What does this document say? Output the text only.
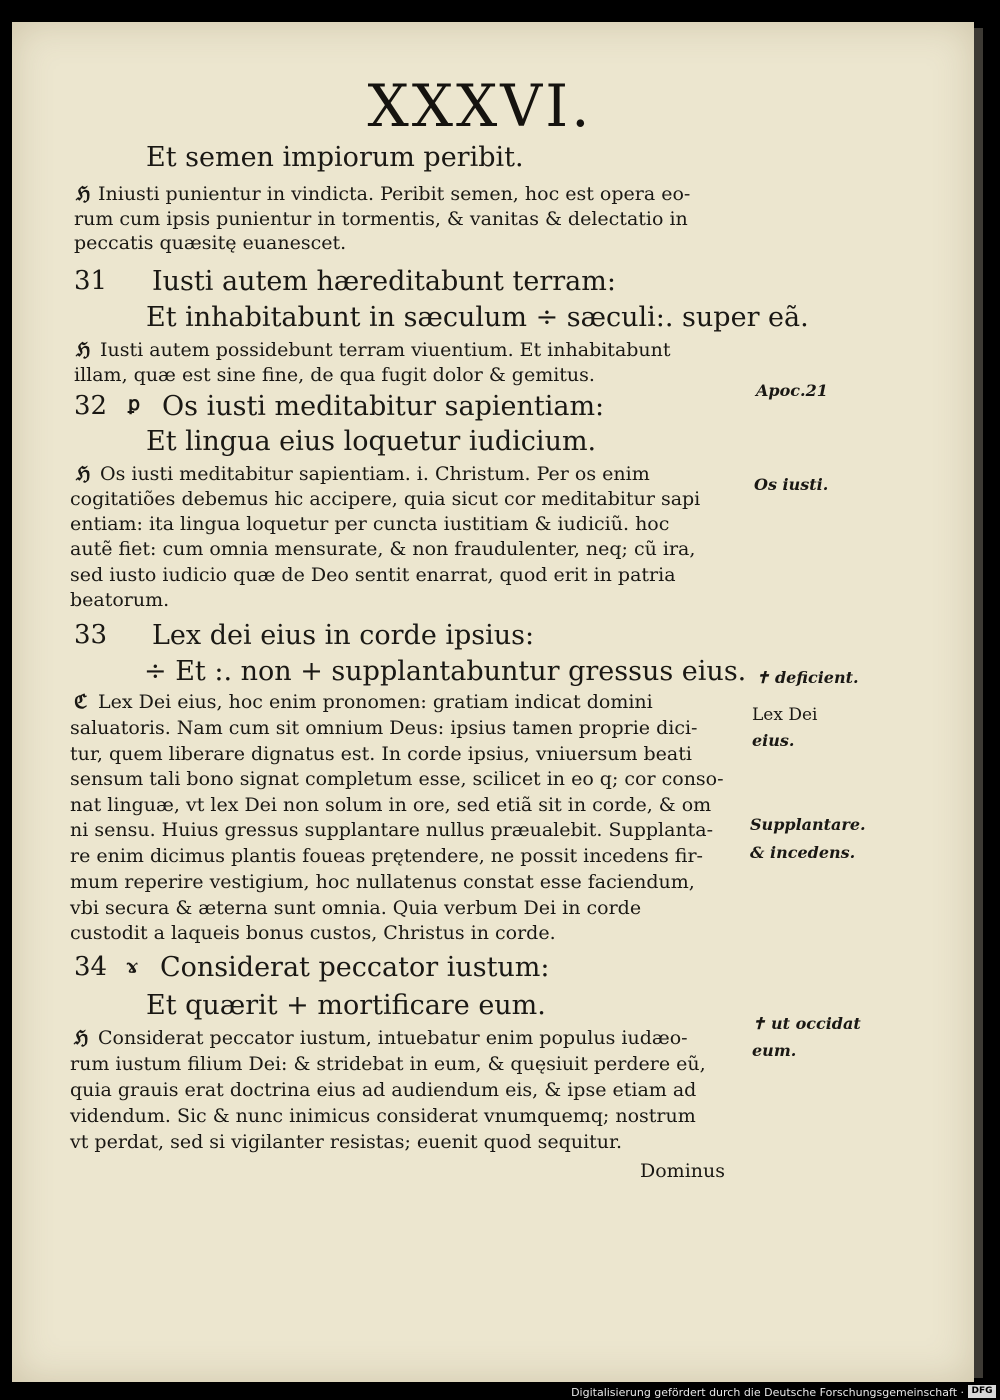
XXXVI.
Et semen impiorum peribit.
ℌ Iniusti punientur in vindicta. Peribit semen, hoc est opera eo-
rum cum ipsis punientur in tormentis, & vanitas & delectatio in
peccatis quæsitę euanescet.
31 Iusti autem hæreditabunt terram:
Et inhabitabunt in sæculum ÷ sæculi:. super eã.
ℌ Iusti autem possidebunt terram viuentium. Et inhabitabunt
illam, quæ est sine fine, de qua fugit dolor & gemitus.
Apoc.21
32 ꝑ Os iusti meditabitur sapientiam:
Et lingua eius loquetur iudicium.
ℌ Os iusti meditabitur sapientiam. i. Christum. Per os enim	Os iusti.
cogitatiões debemus hic accipere, quia sicut cor meditabitur sapi
entiam: ita lingua loquetur per cuncta iustitiam & iudiciũ. hoc
autẽ fiet: cum omnia mensurate, & non fraudulenter, neq; cũ ira,
sed iusto iudicio quæ de Deo sentit enarrat, quod erit in patria
beatorum.
33 Lex dei eius in corde ipsius:
÷ Et :. non + supplantabuntur gressus eius. ✝ deficient.
ℭ Lex Dei eius, hoc enim pronomen: gratiam indicat domini
Lex Dei
saluatoris. Nam cum sit omnium Deus: ipsius tamen proprie dici-
eius.
tur, quem liberare dignatus est. In corde ipsius, vniuersum beati
sensum tali bono signat completum esse, scilicet in eo q; cor conso-
nat linguæ, vt lex Dei non solum in ore, sed etiã sit in corde, & om
Supplantare.
ni sensu. Huius gressus supplantare nullus præualebit. Supplanta-
& incedens.
re enim dicimus plantis foueas prętendere, ne possit incedens fir-
mum reperire vestigium, hoc nullatenus constat esse faciendum,
vbi secura & æterna sunt omnia. Quia verbum Dei in corde
custodit a laqueis bonus custos, Christus in corde.
34 ɤ Considerat peccator iustum:
Et quærit + mortificare eum.
✝ ut occidat
ℌ Considerat peccator iustum, intuebatur enim populus iudæo-
eum.
rum iustum filium Dei: & stridebat in eum, & quęsiuit perdere eũ,
quia grauis erat doctrina eius ad audiendum eis, & ipse etiam ad
videndum. Sic & nunc inimicus considerat vnumquemq; nostrum
vt perdat, sed si vigilanter resistas; euenit quod sequitur.
Dominus
Digitalisierung gefördert durch die Deutsche Forschungsgemeinschaft · DFG
